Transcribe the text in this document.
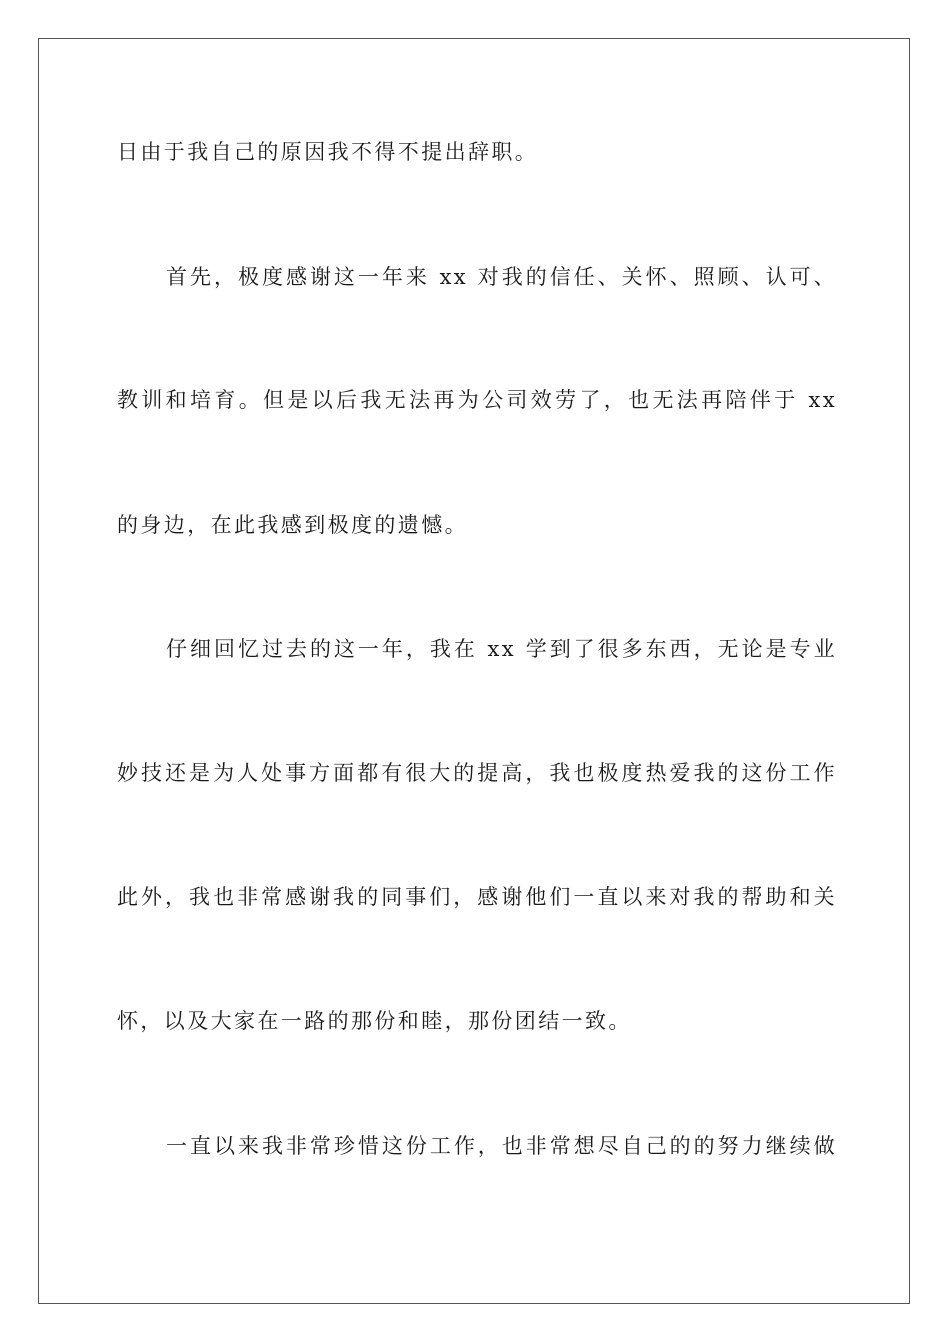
日由于我自己的原因我不得不提出辞职。
首先，极度感谢这一年来 xx 对我的信任、关怀、照顾、认可、
教训和培育。但是以后我无法再为公司效劳了，也无法再陪伴于 xx
的身边，在此我感到极度的遗憾。
仔细回忆过去的这一年，我在 xx 学到了很多东西，无论是专业
妙技还是为人处事方面都有很大的提高，我也极度热爱我的这份工作
此外，我也非常感谢我的同事们，感谢他们一直以来对我的帮助和关
怀，以及大家在一路的那份和睦，那份团结一致。
一直以来我非常珍惜这份工作，也非常想尽自己的的努力继续做
